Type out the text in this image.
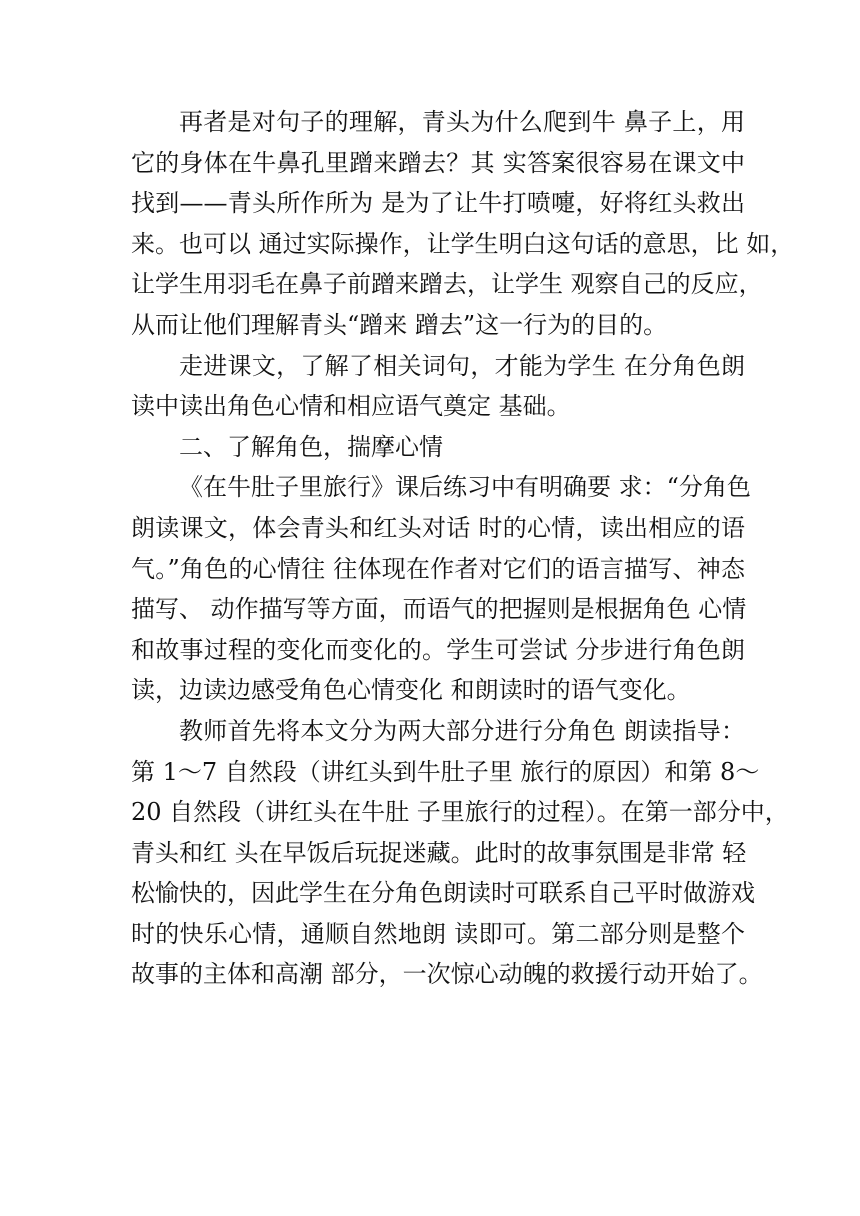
再者是对句子的理解，青头为什么爬到牛 鼻子上，用
它的身体在牛鼻孔里蹭来蹭去？其 实答案很容易在课文中
找到——青头所作所为 是为了让牛打喷嚏，好将红头救出
来。也可以 通过实际操作，让学生明白这句话的意思，比 如，
让学生用羽毛在鼻子前蹭来蹭去，让学生 观察自己的反应，
从而让他们理解青头“蹭来 蹭去”这一行为的目的。
走进课文，了解了相关词句，才能为学生 在分角色朗
读中读出角色心情和相应语气奠定 基础。
二、了解角色，揣摩心情
《在牛肚子里旅行》课后练习中有明确要 求：“分角色
朗读课文，体会青头和红头对话 时的心情，读出相应的语
气。”角色的心情往 往体现在作者对它们的语言描写、神态
描写、 动作描写等方面，而语气的把握则是根据角色 心情
和故事过程的变化而变化的。学生可尝试 分步进行角色朗
读，边读边感受角色心情变化 和朗读时的语气变化。
教师首先将本文分为两大部分进行分角色 朗读指导：
第 1～7 自然段（讲红头到牛肚子里 旅行的原因）和第 8～
20 自然段（讲红头在牛肚 子里旅行的过程）。在第一部分中，
青头和红 头在早饭后玩捉迷藏。此时的故事氛围是非常 轻
松愉快的，因此学生在分角色朗读时可联系自己平时做游戏
时的快乐心情，通顺自然地朗 读即可。第二部分则是整个
故事的主体和高潮 部分，一次惊心动魄的救援行动开始了。
